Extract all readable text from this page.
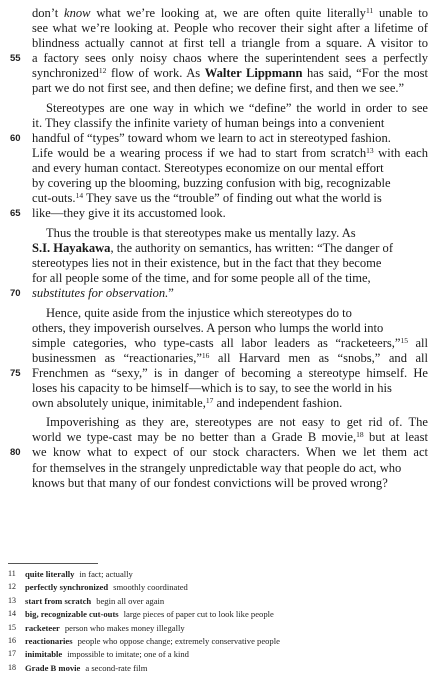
don’t know what we’re looking at, we are often quite literally$^{11}$ unable to
see what we’re looking at. People who recover their sight after a lifetime of
blindness actually cannot at first tell a triangle from a square. A visitor to
a factory sees only noisy chaos where the superintendent sees a perfectly
55
synchronized$^{12}$ flow of work. As Walter Lippmann has said, “For the most
part we do not first see, and then define; we define first, and then we see.”
Stereotypes are one way in which we “define” the world in order to see
it. They classify the infinite variety of human beings into a convenient
handful of “types” toward whom we learn to act in stereotyped fashion.
60
Life would be a wearing process if we had to start from scratch$^{13}$ with each
and every human contact. Stereotypes economize on our mental effort
by covering up the blooming, buzzing confusion with big, recognizable
cut-outs.$^{14}$ They save us the “trouble” of finding out what the world is
like—they give it its accustomed look.
65
Thus the trouble is that stereotypes make us mentally lazy. As
S.I. Hayakawa, the authority on semantics, has written: “The danger of
stereotypes lies not in their existence, but in the fact that they become
for all people some of the time, and for some people all of the time,
substitutes for observation.”
70
Hence, quite aside from the injustice which stereotypes do to
others, they impoverish ourselves. A person who lumps the world into
simple categories, who type-casts all labor leaders as “racketeers,”$^{15}$ all
businessmen as “reactionaries,”$^{16}$ all Harvard men as “snobs,” and all
Frenchmen as “sexy,” is in danger of becoming a stereotype himself. He
75
loses his capacity to be himself—which is to say, to see the world in his
own absolutely unique, inimitable,$^{17}$ and independent fashion.
Impoverishing as they are, stereotypes are not easy to get rid of. The
world we type-cast may be no better than a Grade B movie,$^{18}$ but at least
we know what to expect of our stock characters. When we let them act
80
for themselves in the strangely unpredictable way that people do act, who
knows but that many of our fondest convictions will be proved wrong?
11 quite literally in fact; actually
12 perfectly synchronized smoothly coordinated
13 start from scratch begin all over again
14 big, recognizable cut-outs large pieces of paper cut to look like people
15 racketeer person who makes money illegally
16 reactionaries people who oppose change; extremely conservative people
17 inimitable impossible to imitate; one of a kind
18 Grade B movie a second-rate film
